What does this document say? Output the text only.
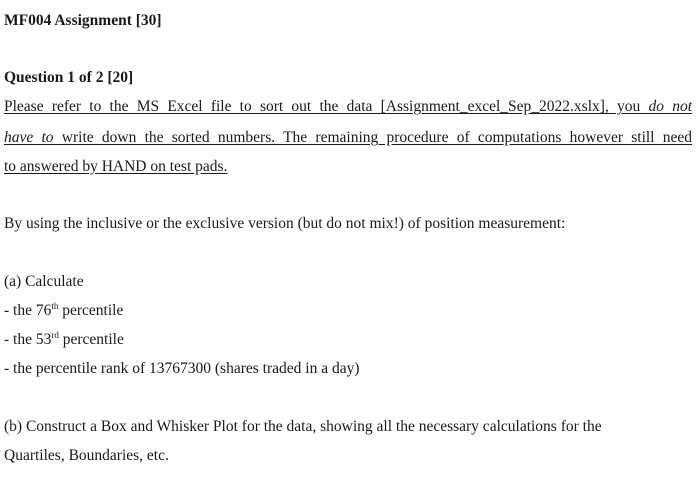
MF004 Assignment [30]
Question 1 of 2 [20]
Please refer to the MS Excel file to sort out the data [Assignment_excel_Sep_2022.xslx], you do not
have to write down the sorted numbers. The remaining procedure of computations however still need
to answered by HAND on test pads.
By using the inclusive or the exclusive version (but do not mix!) of position measurement:
(a) Calculate
- the 76th percentile
- the 53rd percentile
- the percentile rank of 13767300 (shares traded in a day)
(b) Construct a Box and Whisker Plot for the data, showing all the necessary calculations for the
Quartiles, Boundaries, etc.
